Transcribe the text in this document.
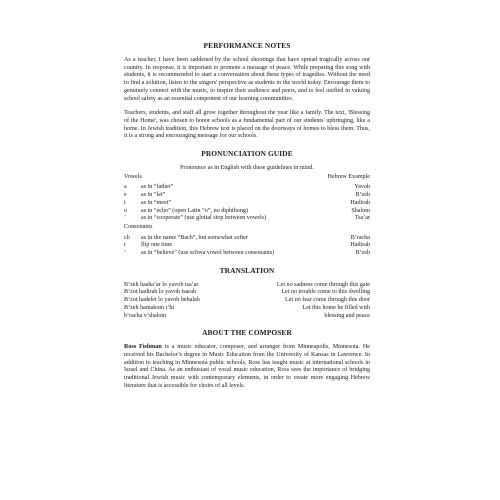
PERFORMANCE NOTES

As a teacher, I have been saddened by the school shootings that have spread tragically across our country. In response, it is important to promote a message of peace. While preparing this song with students, it is recommended to start a conversation about these types of tragedies. Without the need to find a solution, listen to the singers' perspective as students in the world today. Encourage them to genuinely connect with the music, to inspire their audience and peers, and to feel unified in valuing school safety as an essential component of our learning communities.

Teachers, students, and staff all grow together throughout the year like a family. The text, 'Blessing of the Home', was chosen to honor schools as a fundamental part of our students' upbringing, like a home. In Jewish tradition, this Hebrew text is placed on the doorways of homes to bless them. Thus, it is a strong and encouraging message for our schools.

PRONUNCIATION GUIDE
Pronounce as in English with these guidelines in mind.
Vowels	Hebrew Example
a	as in “father”	Yavoh
e	as in “let”	B’zeh
i	as in “meet”	Hadirah
o	as in “echo” (open Latin “o”, no diphthong)	Shalom
’	as in “cooperate” (use glottal stop between vowels)	Tsa’ar
Consonants
ch	as in the name “Bach”, but somewhat softer	B’racha
r	flip one time	Hadirah
’	as in “believe” (use schwa vowel between consonants)	B’zeh
TRANSLATION
B’zeh hasha’ar lo yavoh tsa’ar	Let no sadness come through this gate
B’zot hadirah lo yavoh tsarah	Let no trouble come to this dwelling
B’zot hadelet lo yavoh behalah	Let no fear come through this door
B’zeh hamakom t’hi	Let this home be filled with
b’racha v’shalom	blessing and peace
ABOUT THE COMPOSER

Ross Fishman is a music educator, composer, and arranger from Minneapolis, Minnesota. He received his Bachelor’s degree in Music Education from the University of Kansas in Lawrence. In addition to teaching in Minnesota public schools, Ross has taught music at international schools in Israel and China. As an enthusiast of vocal music education, Ross sees the importance of bridging traditional Jewish music with contemporary elements, in order to create more engaging Hebrew literature that is accessible for choirs of all levels.
